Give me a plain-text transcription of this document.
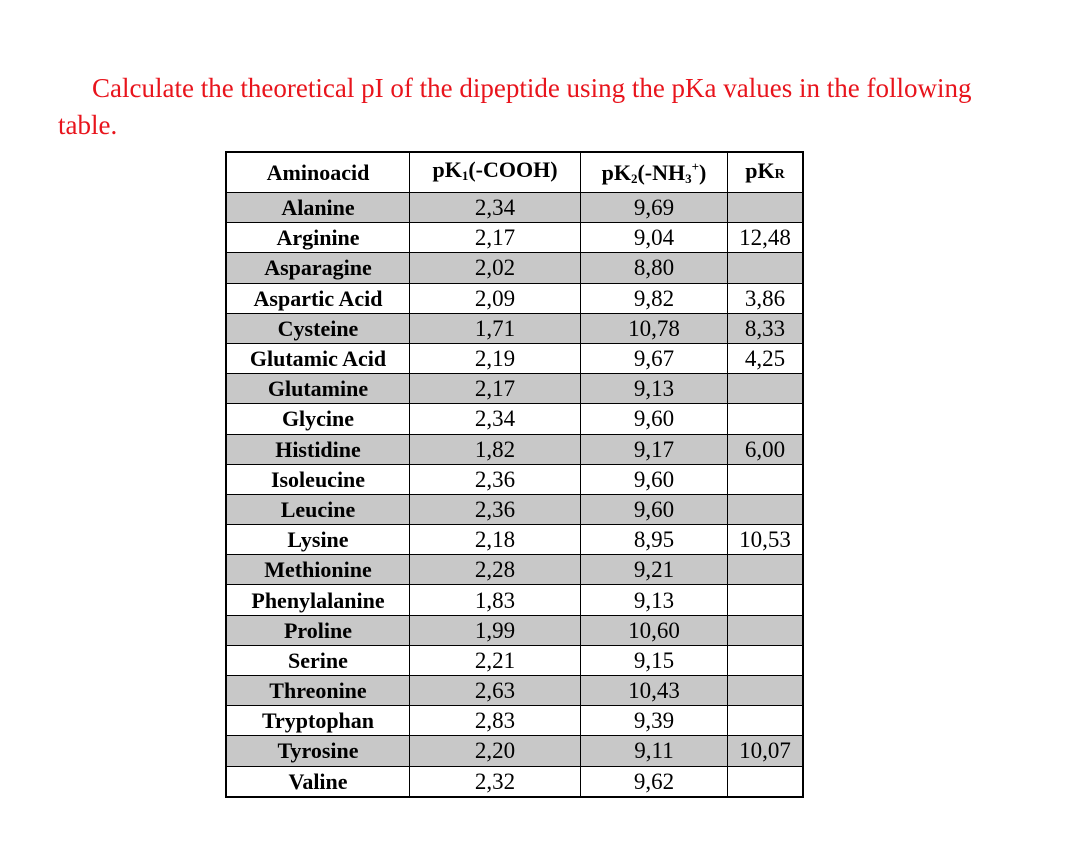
Calculate the theoretical pI of the dipeptide using the pKa values in the following table.

Aminoacid	$pK_1(-COOH)$	$pK_2(-NH_3^+)$	pKR
Alanine	2,34	9,69	
Arginine	2,17	9,04	12,48
Asparagine	2,02	8,80	
Aspartic Acid	2,09	9,82	3,86
Cysteine	1,71	10,78	8,33
Glutamic Acid	2,19	9,67	4,25
Glutamine	2,17	9,13	
Glycine	2,34	9,60	
Histidine	1,82	9,17	6,00
Isoleucine	2,36	9,60	
Leucine	2,36	9,60	
Lysine	2,18	8,95	10,53
Methionine	2,28	9,21	
Phenylalanine	1,83	9,13	
Proline	1,99	10,60	
Serine	2,21	9,15	
Threonine	2,63	10,43	
Tryptophan	2,83	9,39	
Tyrosine	2,20	9,11	10,07
Valine	2,32	9,62	
